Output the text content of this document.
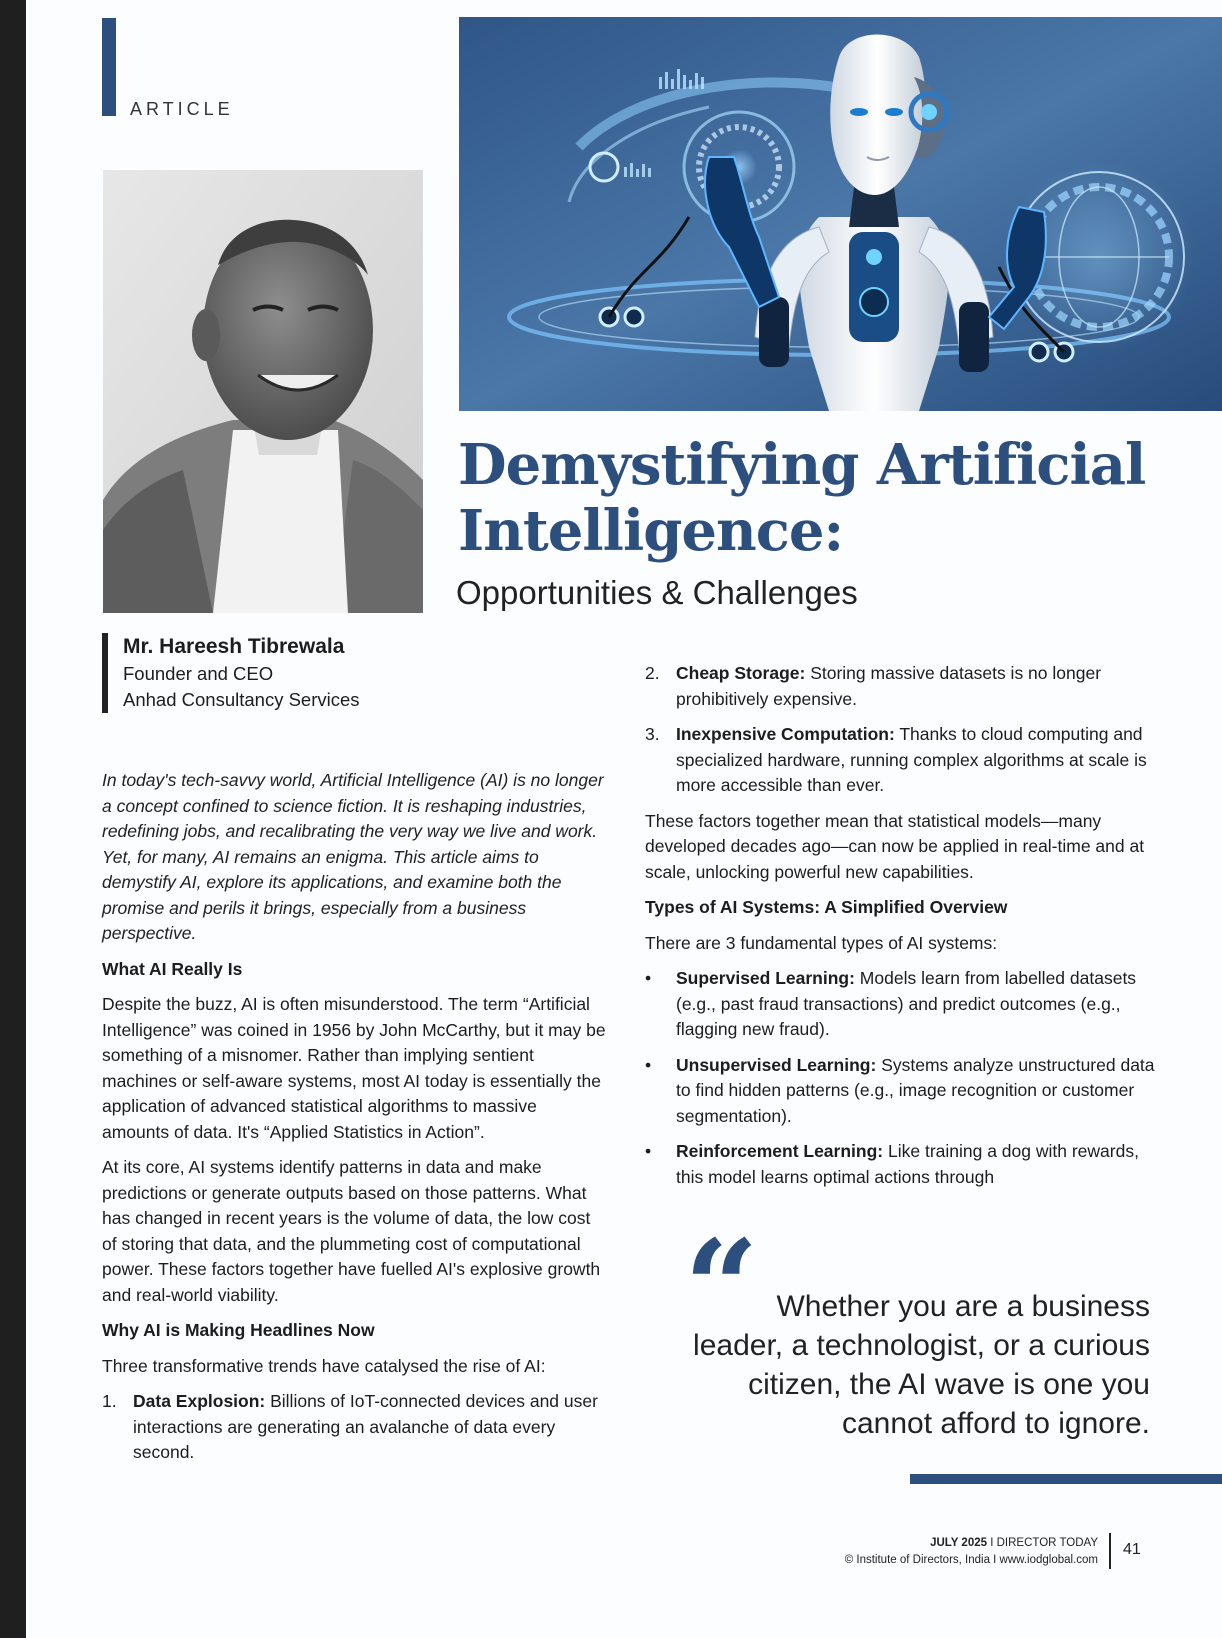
ARTICLE
Demystifying Artificial Intelligence:
Opportunities & Challenges
Mr. Hareesh Tibrewala
Founder and CEO
Anhad Consultancy Services

In today's tech-savvy world, Artificial Intelligence (AI) is no longer a concept confined to science fiction. It is reshaping industries, redefining jobs, and recalibrating the very way we live and work. Yet, for many, AI remains an enigma. This article aims to demystify AI, explore its applications, and examine both the promise and perils it brings, especially from a business perspective.

What AI Really Is

Despite the buzz, AI is often misunderstood. The term “Artificial Intelligence” was coined in 1956 by John McCarthy, but it may be something of a misnomer. Rather than implying sentient machines or self-aware systems, most AI today is essentially the application of advanced statistical algorithms to massive amounts of data. It's “Applied Statistics in Action”.

At its core, AI systems identify patterns in data and make predictions or generate outputs based on those patterns. What has changed in recent years is the volume of data, the low cost of storing that data, and the plummeting cost of computational power. These factors together have fuelled AI's explosive growth and real-world viability.

Why AI is Making Headlines Now

Three transformative trends have catalysed the rise of AI:

1. Data Explosion: Billions of IoT-connected devices and user interactions are generating an avalanche of data every second.
2. Cheap Storage: Storing massive datasets is no longer prohibitively expensive.
3. Inexpensive Computation: Thanks to cloud computing and specialized hardware, running complex algorithms at scale is more accessible than ever.

These factors together mean that statistical models—many developed decades ago—can now be applied in real-time and at scale, unlocking powerful new capabilities.

Types of AI Systems: A Simplified Overview

There are 3 fundamental types of AI systems:

• Supervised Learning: Models learn from labelled datasets (e.g., past fraud transactions) and predict outcomes (e.g., flagging new fraud).
• Unsupervised Learning: Systems analyze unstructured data to find hidden patterns (e.g., image recognition or customer segmentation).
• Reinforcement Learning: Like training a dog with rewards, this model learns optimal actions through
“ Whether you are a business leader, a technologist, or a curious citizen, the AI wave is one you cannot afford to ignore.
JULY 2025 I DIRECTOR TODAY
© Institute of Directors, India I www.iodglobal.com
41
